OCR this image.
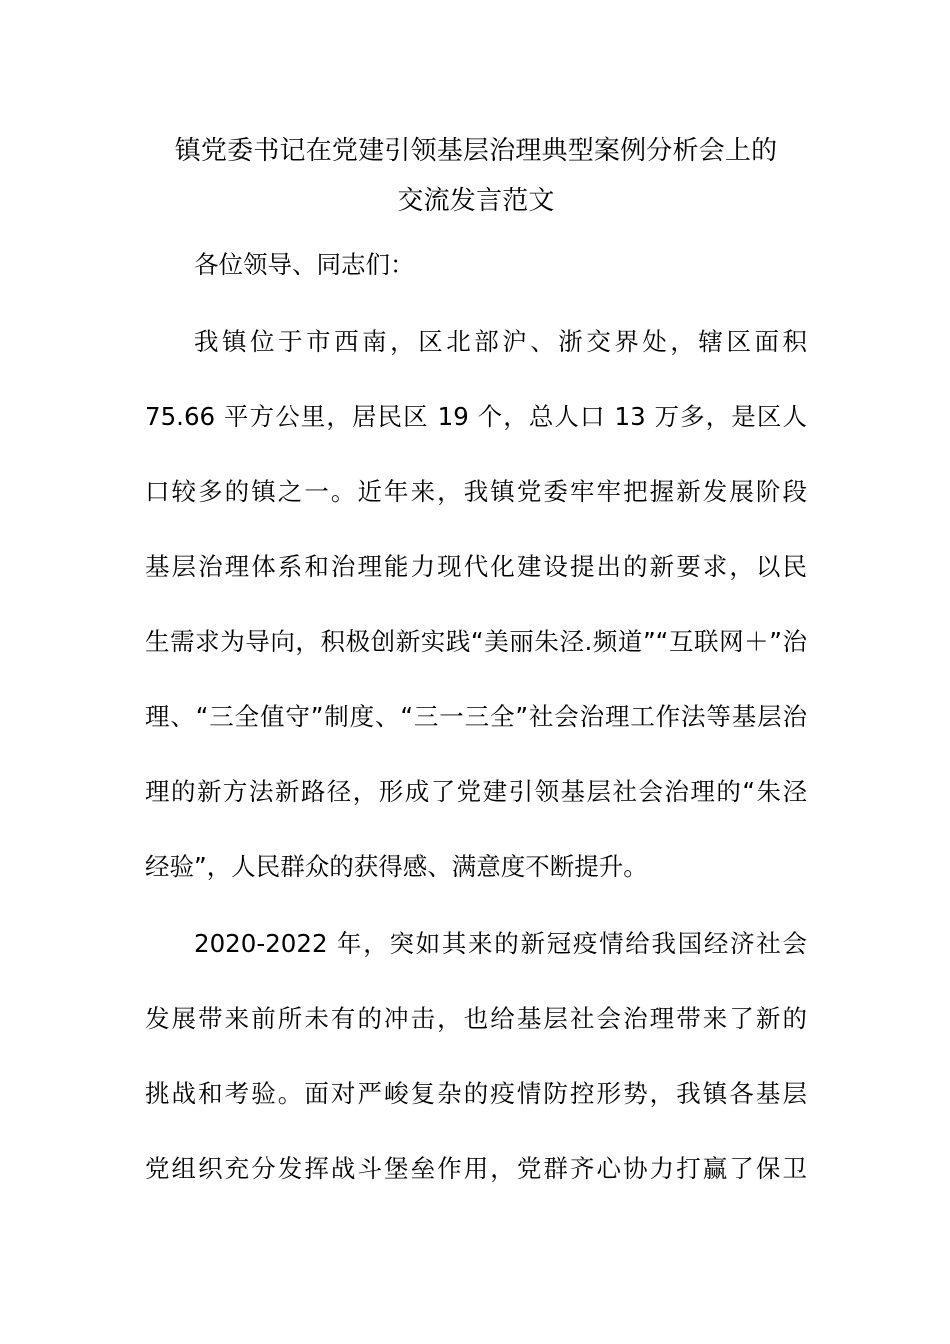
镇党委书记在党建引领基层治理典型案例分析会上的
交流发言范文
各位领导、同志们：
我镇位于市西南，区北部沪、浙交界处，辖区面积
75.66 平方公里，居民区 19 个，总人口 13 万多，是区人
口较多的镇之一。近年来，我镇党委牢牢把握新发展阶段
基层治理体系和治理能力现代化建设提出的新要求，以民
生需求为导向，积极创新实践“美丽朱泾.频道”“互联网＋”治
理、“三全值守”制度、“三一三全”社会治理工作法等基层治
理的新方法新路径，形成了党建引领基层社会治理的“朱泾
经验”，人民群众的获得感、满意度不断提升。
2020-2022 年，突如其来的新冠疫情给我国经济社会
发展带来前所未有的冲击，也给基层社会治理带来了新的
挑战和考验。面对严峻复杂的疫情防控形势，我镇各基层
党组织充分发挥战斗堡垒作用，党群齐心协力打赢了保卫
